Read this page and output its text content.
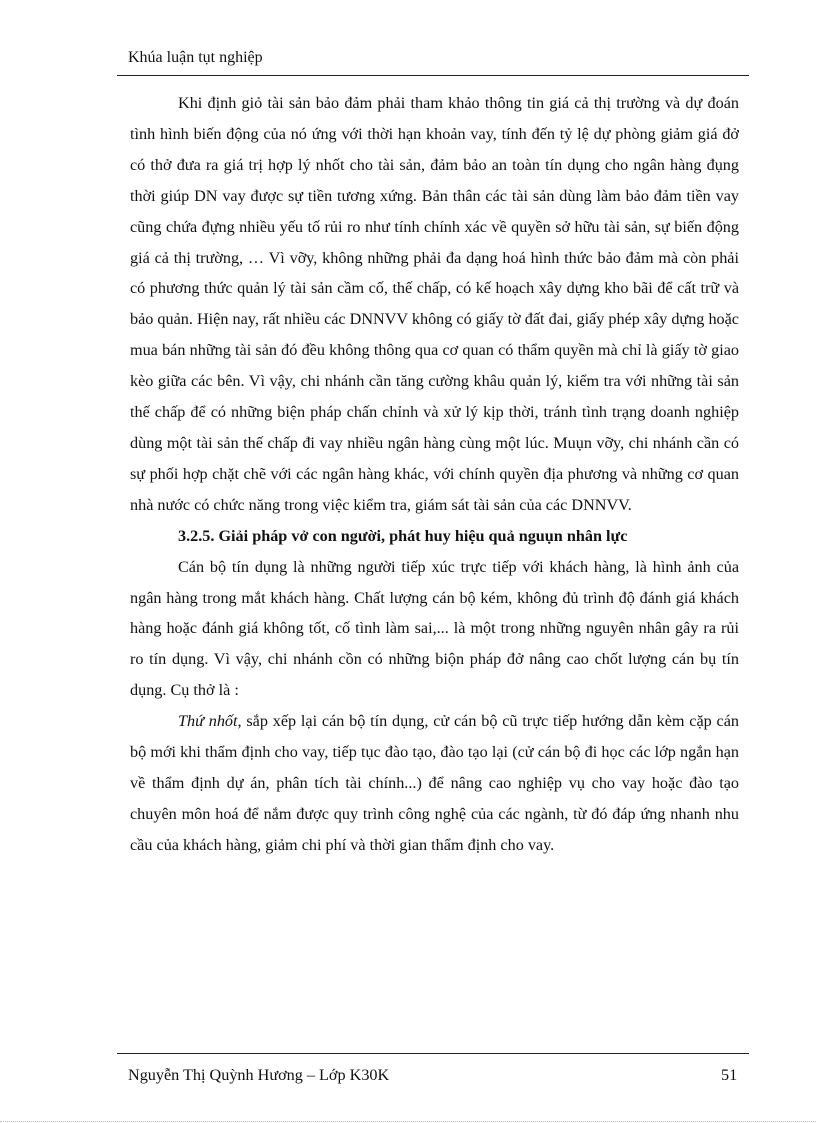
Khúa luận tụt nghiệp

Khi định giỏ tài sản bảo đảm phải tham khảo thông tin giá cả thị trường và dự đoán tình hình biến động của nó ứng với thời hạn khoản vay, tính đến tỷ lệ dự phòng giảm giá đở có thở đưa ra giá trị hợp lý nhốt cho tài sản, đảm bảo an toàn tín dụng cho ngân hàng đụng thời giúp DN vay được sự tiền tương xứng. Bản thân các tài sản dùng làm bảo đảm tiền vay cũng chứa đựng nhiều yếu tố rủi ro như tính chính xác về quyền sở hữu tài sản, sự biến động giá cả thị trường, … Vì vỡy, không những phải đa dạng hoá hình thức bảo đảm mà còn phải có phương thức quản lý tài sản cầm cố, thế chấp, có kế hoạch xây dựng kho bãi để cất trữ và bảo quản. Hiện nay, rất nhiều các DNNVV không có giấy tờ đất đai, giấy phép xây dựng hoặc mua bán những tài sản đó đều không thông qua cơ quan có thẩm quyền mà chỉ là giấy tờ giao kèo giữa các bên. Vì vậy, chi nhánh cần tăng cường khâu quản lý, kiểm tra với những tài sản thế chấp để có những biện pháp chấn chỉnh và xử lý kịp thời, tránh tình trạng doanh nghiệp dùng một tài sản thế chấp đi vay nhiều ngân hàng cùng một lúc. Muụn vỡy, chi nhánh cần có sự phối hợp chặt chẽ với các ngân hàng khác, với chính quyền địa phương và những cơ quan nhà nước có chức năng trong việc kiểm tra, giám sát tài sản của các DNNVV.

3.2.5. Giải pháp vở con người, phát huy hiệu quả nguụn nhân lực

Cán bộ tín dụng là những người tiếp xúc trực tiếp với khách hàng, là hình ảnh của ngân hàng trong mắt khách hàng. Chất lượng cán bộ kém, không đủ trình độ đánh giá khách hàng hoặc đánh giá không tốt, cố tình làm sai,... là một trong những nguyên nhân gây ra rủi ro tín dụng. Vì vậy, chi nhánh cồn có những biộn pháp đở nâng cao chốt lượng cán bụ tín dụng. Cụ thở là :

Thứ nhốt, sắp xếp lại cán bộ tín dụng, cử cán bộ cũ trực tiếp hướng dẫn kèm cặp cán bộ mới khi thẩm định cho vay, tiếp tục đào tạo, đào tạo lại (cử cán bộ đi học các lớp ngắn hạn về thẩm định dự án, phân tích tài chính...) để nâng cao nghiệp vụ cho vay hoặc đào tạo chuyên môn hoá để nắm được quy trình công nghệ của các ngành, từ đó đáp ứng nhanh nhu cầu của khách hàng, giảm chi phí và thời gian thẩm định cho vay.

Nguyễn Thị Quỳnh Hương – Lớp K30K	51
